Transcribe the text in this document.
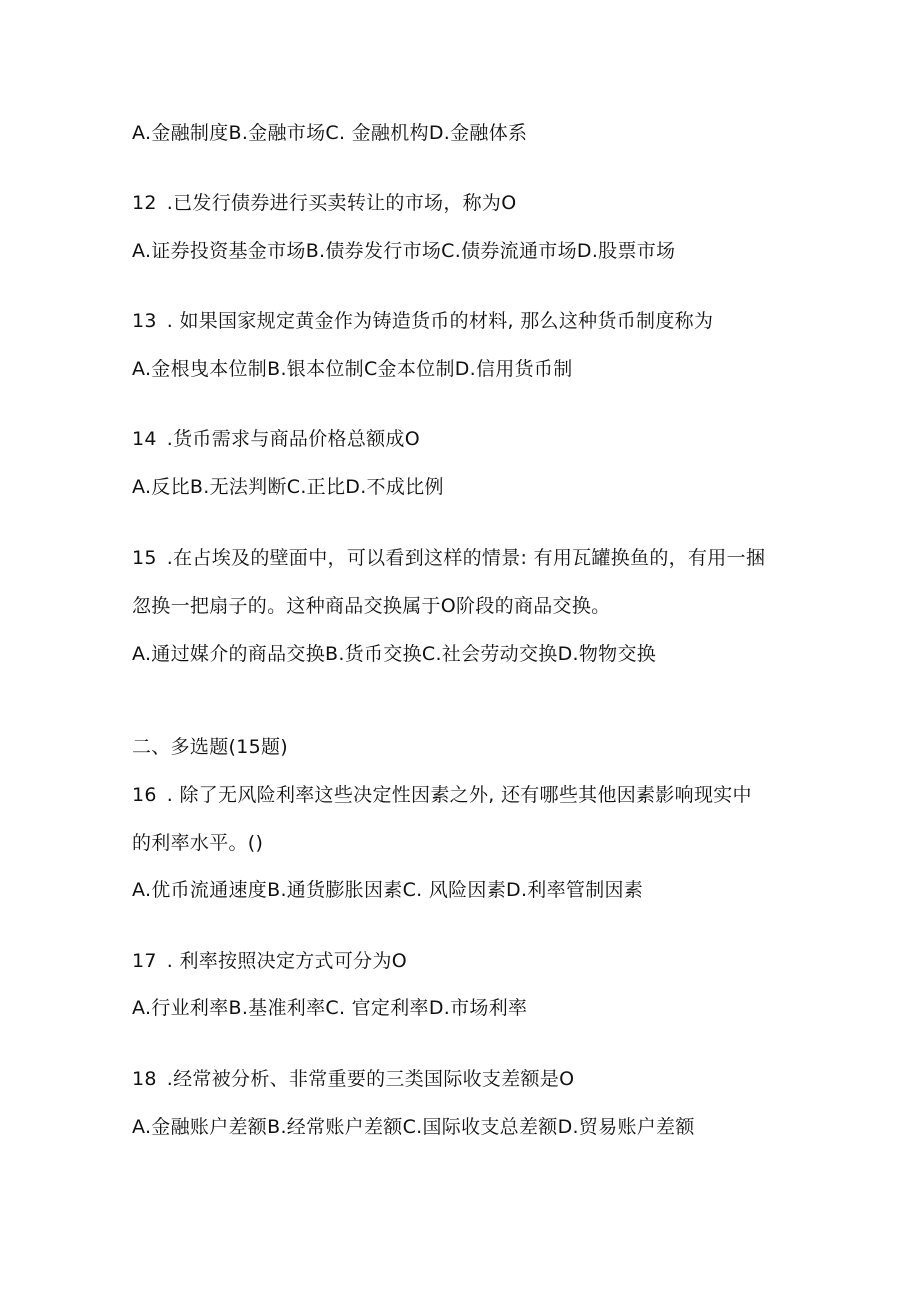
A.金融制度B.金融市场C. 金融机构D.金融体系
12 .已发行债券进行买卖转让的市场，称为O
A.证券投资基金市场B.债券发行市场C.债券流通市场D.股票市场
13 . 如果国家规定黄金作为铸造货币的材料, 那么这种货币制度称为
A.金根曳本位制B.银本位制C金本位制D.信用货币制
14 .货币需求与商品价格总额成O
A.反比B.无法判断C.正比D.不成比例
15 .在占埃及的壁面中，可以看到这样的情景: 有用瓦罐换鱼的，有用一捆
忽换一把扇子的。这种商品交换属于O阶段的商品交换。
A.通过媒介的商品交换B.货币交换C.社会劳动交换D.物物交换
二、多选题(15题)
16 . 除了无风险利率这些决定性因素之外, 还有哪些其他因素影响现实中
的利率水平。()
A.优币流通速度B.通货膨胀因素C. 风险因素D.利率管制因素
17 . 利率按照决定方式可分为O
A.行业利率B.基准利率C. 官定利率D.市场利率
18 .经常被分析、非常重要的三类国际收支差额是O
A.金融账户差额B.经常账户差额C.国际收支总差额D.贸易账户差额
